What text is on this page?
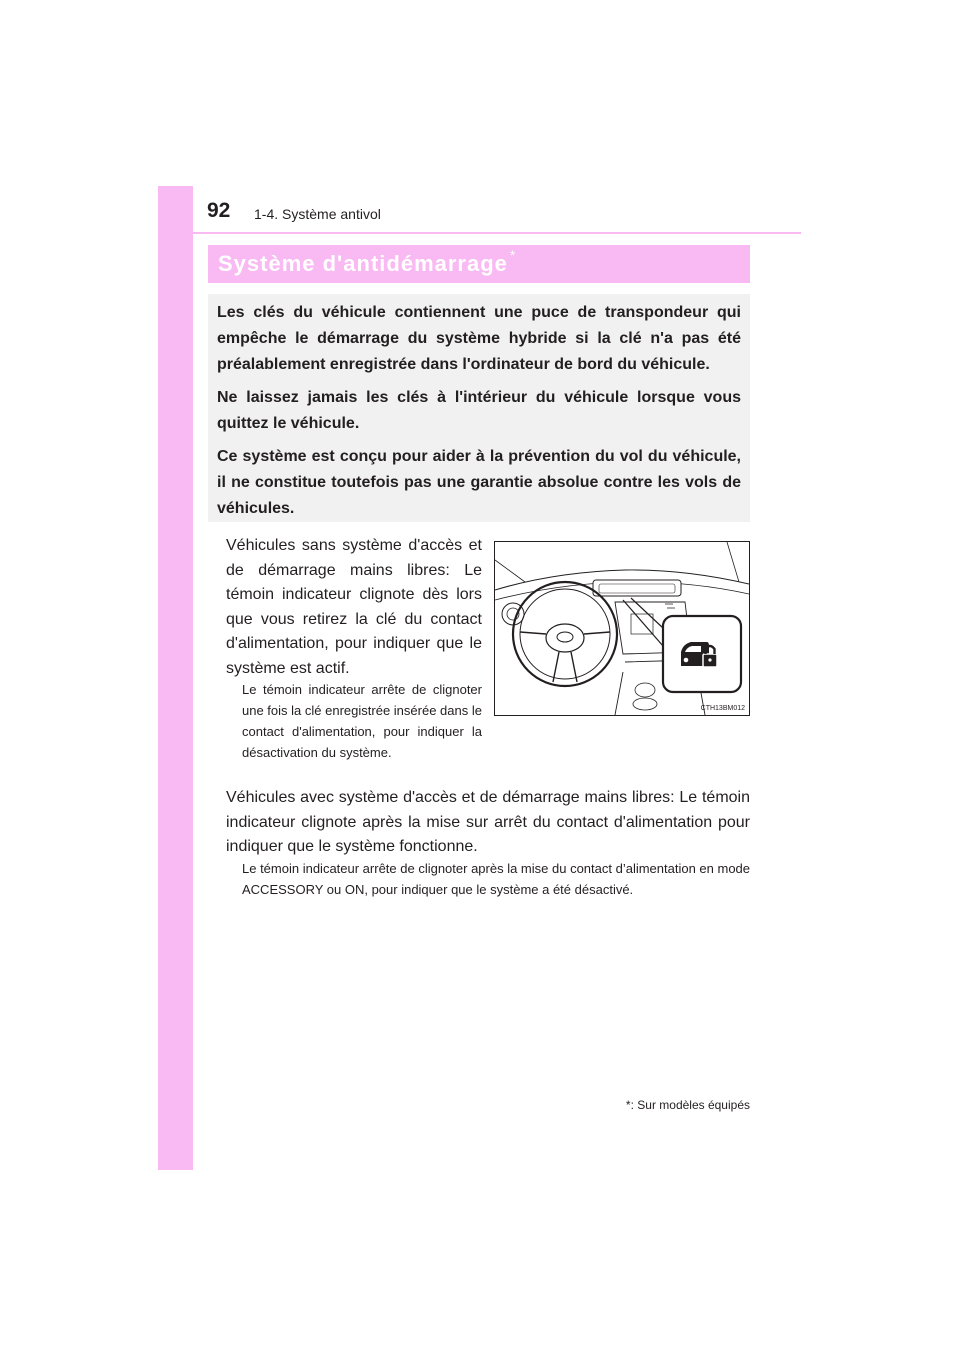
92 1-4. Système antivol
Système d'antidémarrage *

Les clés du véhicule contiennent une puce de transpondeur qui empêche le démarrage du système hybride si la clé n'a pas été préalablement enregistrée dans l'ordinateur de bord du véhicule.

Ne laissez jamais les clés à l'intérieur du véhicule lorsque vous quittez le véhicule.

Ce système est conçu pour aider à la prévention du vol du véhicule, il ne constitue toutefois pas une garantie absolue contre les vols de véhicules.

Véhicules sans système d'accès et de démarrage mains libres: Le témoin indicateur clignote dès lors que vous retirez la clé du contact d'alimentation, pour indiquer que le système est actif.

Le témoin indicateur arrête de clignoter une fois la clé enregistrée insérée dans le contact d'alimentation, pour indiquer la désactivation du système.

CTH13BM012

Véhicules avec système d'accès et de démarrage mains libres: Le témoin indicateur clignote après la mise sur arrêt du contact d'alimentation pour indiquer que le système fonctionne.

Le témoin indicateur arrête de clignoter après la mise du contact d’alimentation en mode ACCESSORY ou ON, pour indiquer que le système a été désactivé.

*: Sur modèles équipés
